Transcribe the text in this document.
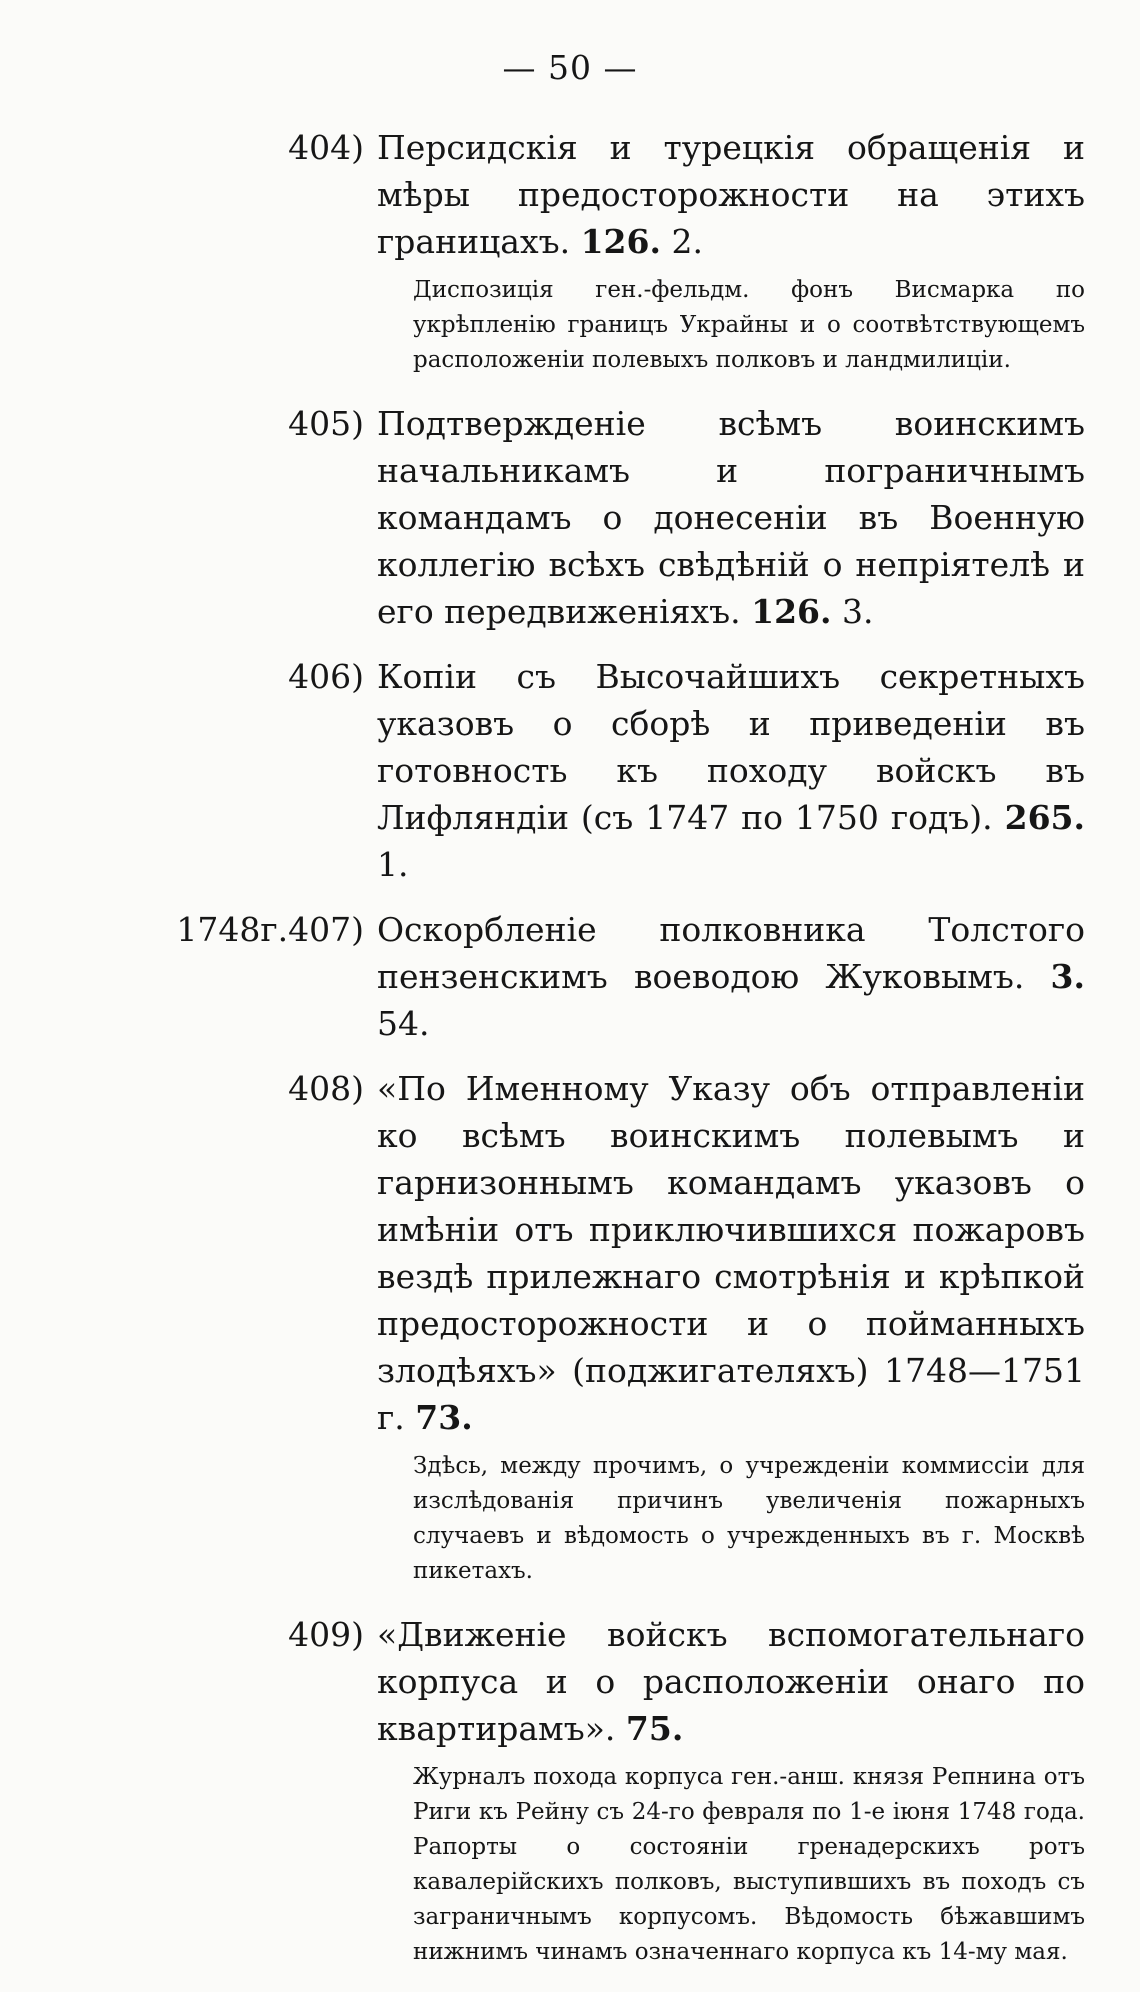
— 50 —
404) Персидскія и турецкія обращенія и мѣры предосторожности на этихъ границахъ. 126. 2.
Диспозиція ген.-фельдм. фонъ Висмарка по укрѣпленію границъ Украйны и о соотвѣтствующемъ расположеніи полевыхъ полковъ и ландмилиціи.
405) Подтвержденіе всѣмъ воинскимъ начальникамъ и пограничнымъ командамъ о донесеніи въ Военную коллегію всѣхъ свѣдѣній о непріятелѣ и его передвиженіяхъ. 126. 3.
406) Копіи съ Высочайшихъ секретныхъ указовъ о сборѣ и приведеніи въ готовность къ походу войскъ въ Лифляндіи (съ 1747 по 1750 годъ). 265. 1.
1748г.407) Оскорбленіе полковника Толстого пензенскимъ воеводою Жуковымъ. 3. 54.
408) «По Именному Указу объ отправленіи ко всѣмъ воинскимъ полевымъ и гарнизоннымъ командамъ указовъ о имѣніи отъ приключившихся пожаровъ вездѣ прилежнаго смотрѣнія и крѣпкой предосторожности и о пойманныхъ злодѣяхъ» (поджигателяхъ) 1748—1751 г. 73.
Здѣсь, между прочимъ, о учрежденіи коммиссіи для изслѣдованія причинъ увеличенія пожарныхъ случаевъ и вѣдомость о учрежденныхъ въ г. Москвѣ пикетахъ.
409) «Движеніе войскъ вспомогательнаго корпуса и о расположеніи онаго по квартирамъ». 75.
Журналъ похода корпуса ген.-анш. князя Репнина отъ Риги къ Рейну съ 24-го февраля по 1-е іюня 1748 года. Рапорты о состояніи гренадерскихъ ротъ кавалерійскихъ полковъ, выступившихъ въ походъ съ заграничнымъ корпусомъ. Вѣдомость бѣжавшимъ нижнимъ чинамъ означеннаго корпуса къ 14-му мая.
